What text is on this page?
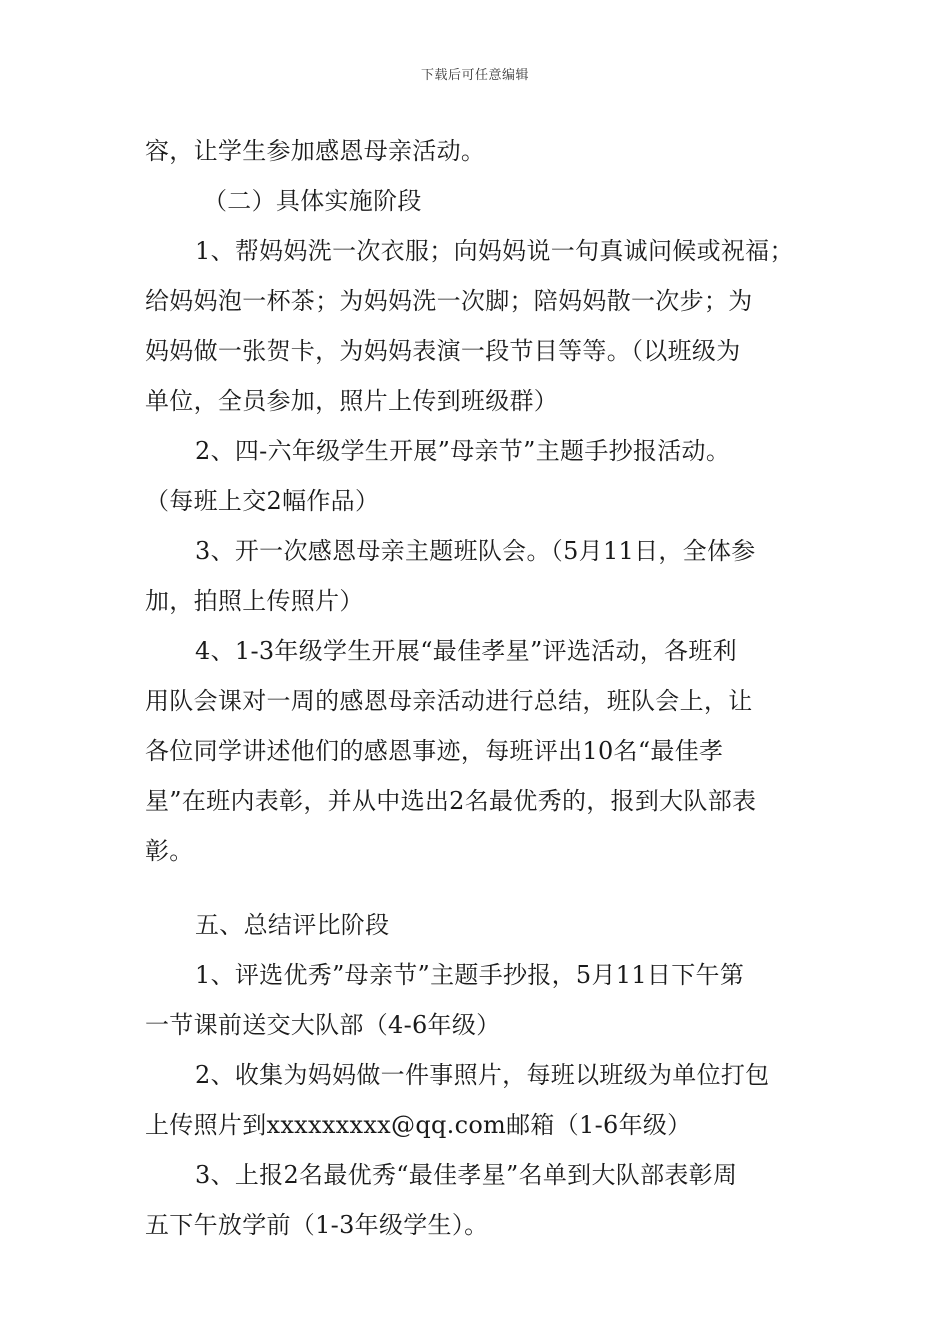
下载后可任意编辑
容，让学生参加感恩母亲活动。
（二）具体实施阶段
1、帮妈妈洗一次衣服；向妈妈说一句真诚问候或祝福；
给妈妈泡一杯茶；为妈妈洗一次脚；陪妈妈散一次步；为
妈妈做一张贺卡，为妈妈表演一段节目等等。（以班级为
单位，全员参加，照片上传到班级群）
2、四-六年级学生开展”母亲节”主题手抄报活动。
（每班上交2幅作品）
3、开一次感恩母亲主题班队会。（5月11日，全体参
加，拍照上传照片）
4、1-3年级学生开展“最佳孝星”评选活动，各班利
用队会课对一周的感恩母亲活动进行总结，班队会上，让
各位同学讲述他们的感恩事迹，每班评出10名“最佳孝
星”在班内表彰，并从中选出2名最优秀的，报到大队部表
彰。
五、总结评比阶段
1、评选优秀”母亲节”主题手抄报，5月11日下午第
一节课前送交大队部（4-6年级）
2、收集为妈妈做一件事照片，每班以班级为单位打包
上传照片到xxxxxxxxx@qq.com邮箱（1-6年级）
3、上报2名最优秀“最佳孝星”名单到大队部表彰周
五下午放学前（1-3年级学生）。
